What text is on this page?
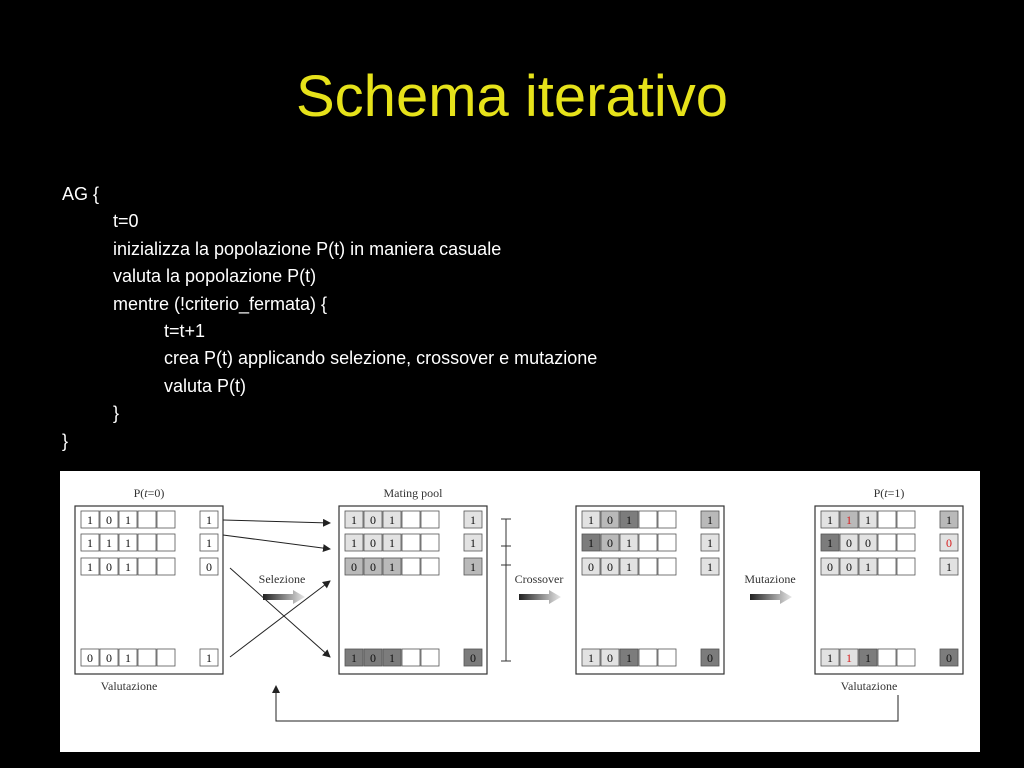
Schema iterativo
AG {
t=0
inizializza la popolazione P(t) in maniera casuale
valuta la popolazione P(t)
mentre (!criterio_fermata) {
t=t+1
crea P(t) applicando selezione, crossover e mutazione
valuta P(t)
}
}
P(t=0)
Valutazione
1 0 1	1
1 1 1	1
1 0 1	0
0 0 1	1
Mating pool
1 0 1	1
1 0 1	1
0 0 1	1
1 0 1	0
1 0 1	1
1 0 1	1
0 0 1	1
1 0 1	0
P(t=1)
Valutazione
1 1 1	1
1 0 0	0
0 0 1	1
1 1 1	0
Selezione	Crossover	Mutazione
